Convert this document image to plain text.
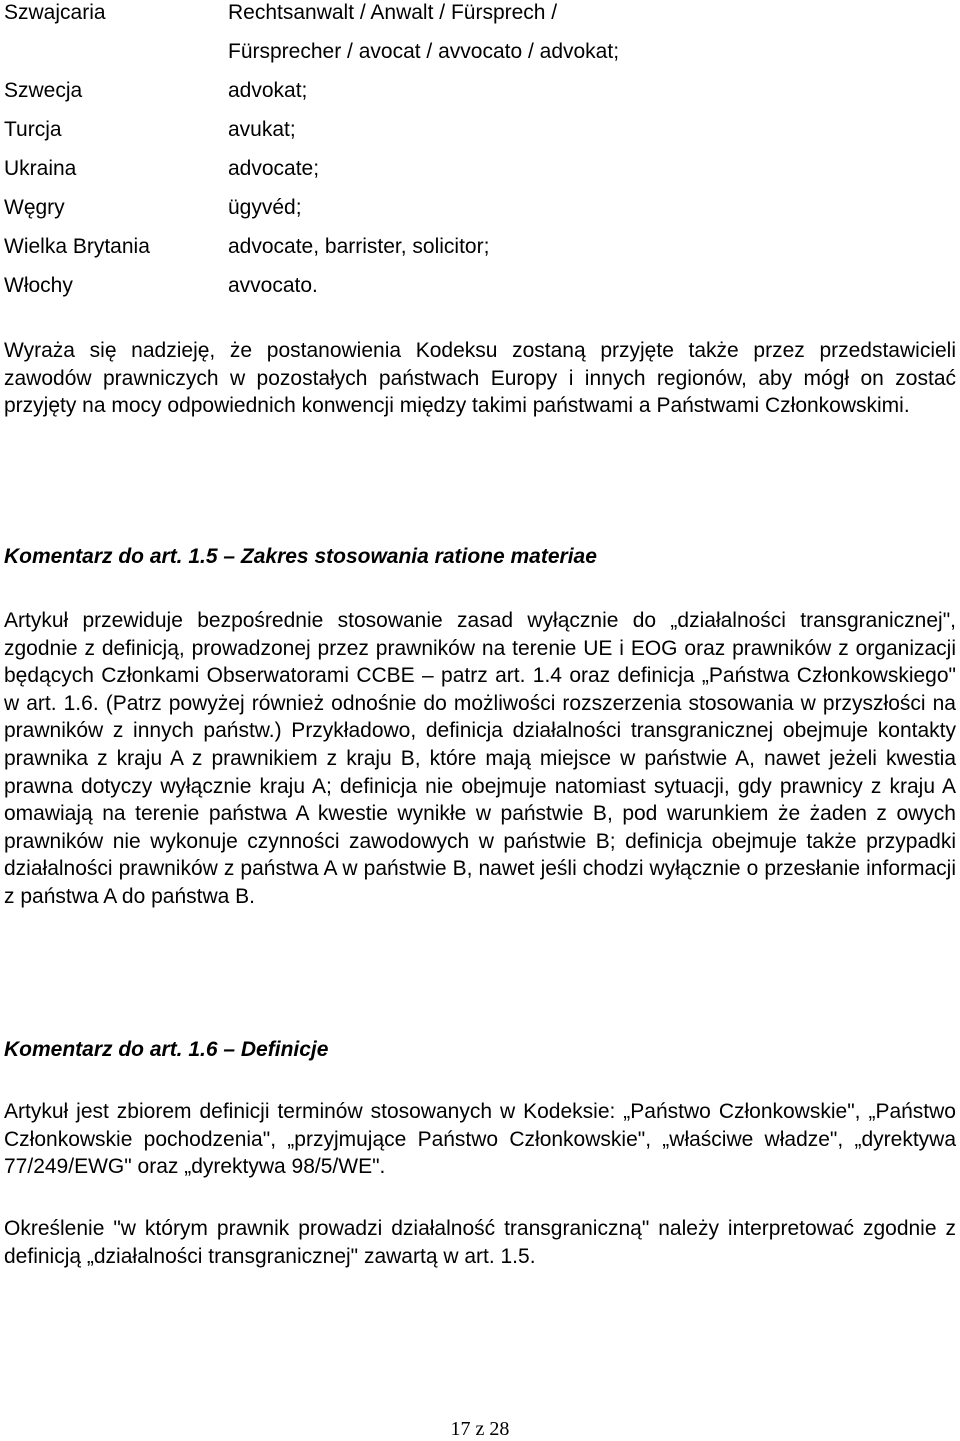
Szwajcaria	Rechtsanwalt / Anwalt / Fürsprech /
Fürsprecher / avocat / avvocato / advokat;
Szwecja	advokat;
Turcja	avukat;
Ukraina	advocate;
Węgry	ügyvéd;
Wielka Brytania	advocate, barrister, solicitor;
Włochy	avvocato.

Wyraża się nadzieję, że postanowienia Kodeksu zostaną przyjęte także przez przedstawicieli zawodów prawniczych w pozostałych państwach Europy i innych regionów, aby mógł on zostać przyjęty na mocy odpowiednich konwencji między takimi państwami a Państwami Członkowskimi.

Komentarz do art. 1.5 – Zakres stosowania ratione materiae

Artykuł przewiduje bezpośrednie stosowanie zasad wyłącznie do „działalności transgranicznej", zgodnie z definicją, prowadzonej przez prawników na terenie UE i EOG oraz prawników z organizacji będących Członkami Obserwatorami CCBE – patrz art. 1.4 oraz definicja „Państwa Członkowskiego" w art. 1.6. (Patrz powyżej również odnośnie do możliwości rozszerzenia stosowania w przyszłości na prawników z innych państw.) Przykładowo, definicja działalności transgranicznej obejmuje kontakty prawnika z kraju A z prawnikiem z kraju B, które mają miejsce w państwie A, nawet jeżeli kwestia prawna dotyczy wyłącznie kraju A; definicja nie obejmuje natomiast sytuacji, gdy prawnicy z kraju A omawiają na terenie państwa A kwestie wynikłe w państwie B, pod warunkiem że żaden z owych prawników nie wykonuje czynności zawodowych w państwie B; definicja obejmuje także przypadki działalności prawników z państwa A w państwie B, nawet jeśli chodzi wyłącznie o przesłanie informacji z państwa A do państwa B.

Komentarz do art. 1.6 – Definicje

Artykuł jest zbiorem definicji terminów stosowanych w Kodeksie: „Państwo Członkowskie", „Państwo Członkowskie pochodzenia", „przyjmujące Państwo Członkowskie", „właściwe władze", „dyrektywa 77/249/EWG" oraz „dyrektywa 98/5/WE".

Określenie "w którym prawnik prowadzi działalność transgraniczną" należy interpretować zgodnie z definicją „działalności transgranicznej" zawartą w art. 1.5.

17 z 28
